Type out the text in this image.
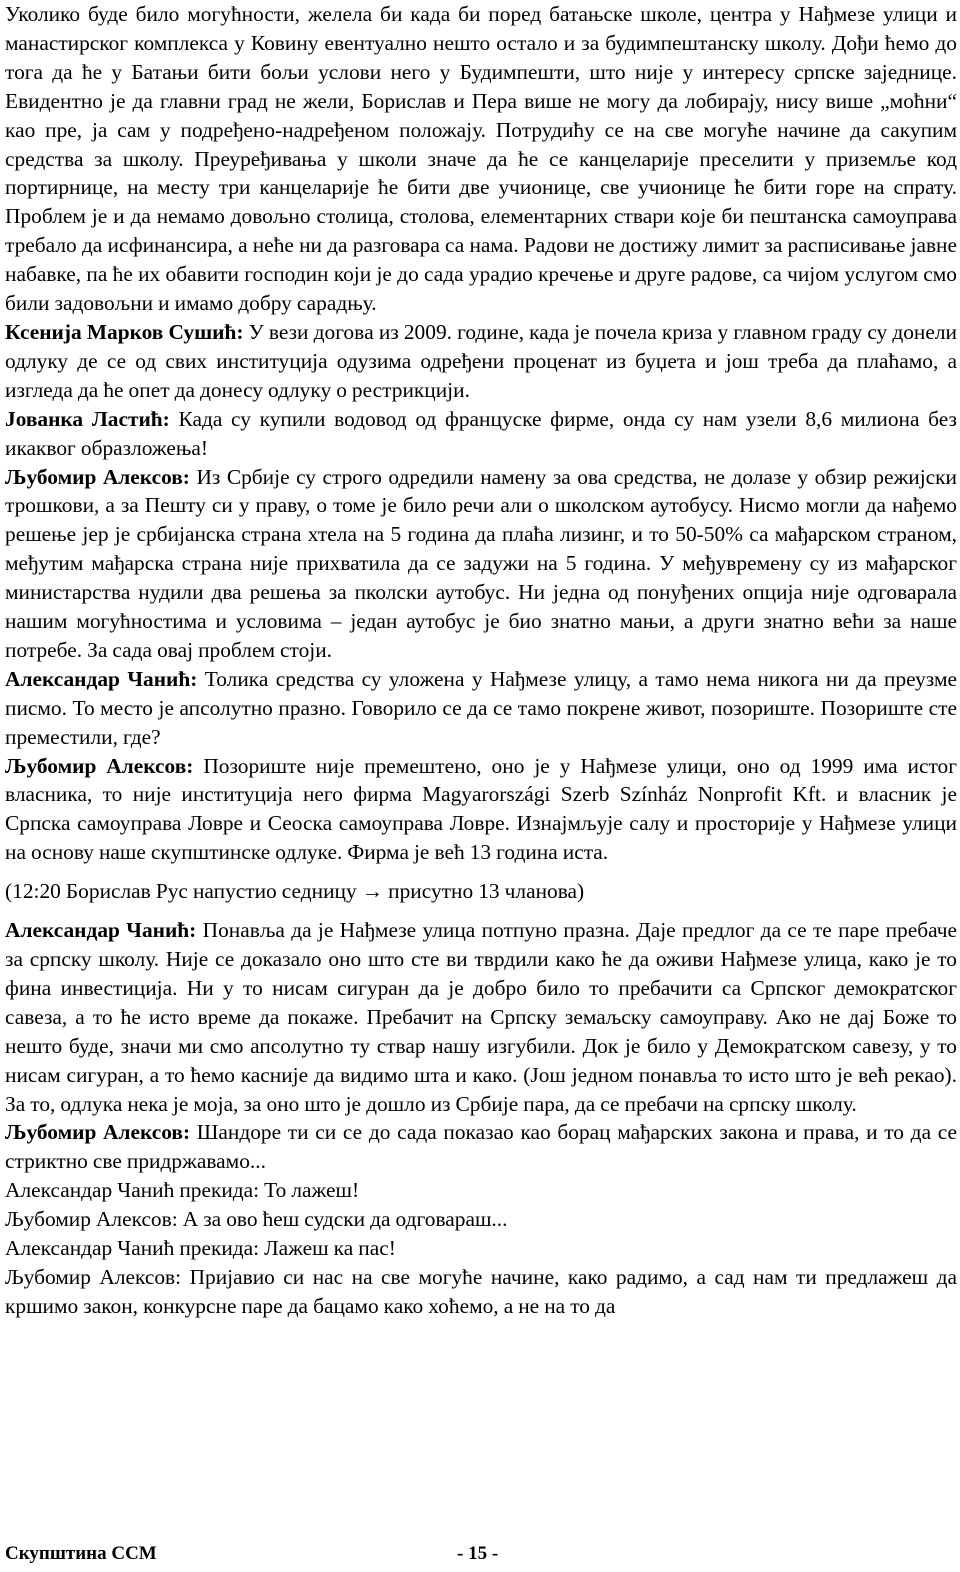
Уколико буде било могућности, желела би када би поред батањске школе, центра у Нађмезе улици и манастирског комплекса у Ковину евентуално нешто остало и за будимпештанску школу. Дођи ћемо до тога да ће у Батањи бити бољи услови него у Будимпешти, што није у интересу српске заједнице. Евидентно је да главни град не жели, Борислав и Пера више не могу да лобирају, нису више „моћни“ као пре, ја сам у подређено-надређеном положају. Потрудићу се на све могуће начине да сакупим средства за школу. Преуређивања у школи значе да ће се канцеларије преселити у приземље код портирнице, на месту три канцеларије ће бити две учионице, све учионице ће бити горе на спрату. Проблем је и да немамо довољно столица, столова, елементарних ствари које би пештанска самоуправа требало да исфинансира, а неће ни да разговара са нама. Радови не достижу лимит за расписивање јавне набавке, па ће их обавити господин који је до сада урадио кречење и друге радове, са чијом услугом смо били задовољни и имамо добру сарадњу.

Ксенија Марков Сушић: У вези договa из 2009. године, када је почела криза у главном граду су донели одлуку де се од свих институција одузима одређени проценат из буџета и још треба да плаћамо, а изгледа да ће опет да донесу одлуку о рестрикцији.

Јованка Ластић: Када су купили водовод од француске фирме, онда су нам узели 8,6 милиона без икаквог образложења!

Љубомир Алексов: Из Србије су строго одредили намену за ова средства, не долазе у обзир режијски трошкови, а за Пешту си у праву, о томе је било речи али о школском аутобусу. Нисмо могли да нађемо решење јер је србијанска страна хтела на 5 година да плаћа лизинг, и то 50-50% са мађарском страном, међутим мађарска страна није прихватила да се задужи на 5 година. У међувремену су из мађарског министарства нудили два решења за пколски аутобус. Ни једна од понуђених опција није одговарала нашим могућностима и условима – један аутобус је био знатно мањи, а други знатно већи за наше потребе. За сада овај проблем стоји.

Александар Чанић: Толика средства су уложена у Нађмезе улицу, а тамо нема никога ни да преузме писмо. То место је апсолутно празно. Говорило се да се тамо покрене живот, позориште. Позориште сте преместили, где?

Љубомир Алексов: Позориште није премештено, оно је у Нађмезе улици, оно од 1999 има истог власника, то није институција него фирма Magyarországi Szerb Színház Nonprofit Kft. и власник је Српска самоуправа Ловре и Сеоска самоуправа Ловре. Изнајмљује салу и просторије у Нађмезе улици на основу наше скупштинске одлуке. Фирма је већ 13 година иста.

(12:20 Борислав Рус напустио седницу → присутно 13 чланова)

Александар Чанић: Понавља да је Нађмезе улица потпуно празна. Даје предлог да се те паре пребаче за српску школу. Није се доказало оно што сте ви тврдили како ће да оживи Нађмезе улица, како је то фина инвестиција. Ни у то нисам сигуран да је добро било то пребачити са Српског демократског савеза, а то ће исто време да покаже. Пребачит на Српску земаљску самоуправу. Ако не дај Боже то нешто буде, значи ми смо апсолутно ту ствар нашу изгубили. Док је било у Демократском савезу, у то нисам сигуран, а то ћемо касније да видимо шта и како. (Још једном понавља то исто што је већ рекао). За то, одлука нека је моја, за оно што је дошло из Србије пара, да се пребачи на српску школу.

Љубомир Алексов: Шандоре ти си се до сада показао као борац мађарских закона и права, и то да се стриктно све придржавамо...

Александар Чанић прекида: То лажеш!

Љубомир Алексов: А за ово ћеш судски да одговараш...

Александар Чанић прекида: Лажеш ка пас!

Љубомир Алексов: Пријавио си нас на све могуће начине, како радимо, а сад нам ти предлажеш да кршимо закон, конкурсне паре да бацамо како хоћемо, а не на то да

Скупштина ССМ	- 15 -
